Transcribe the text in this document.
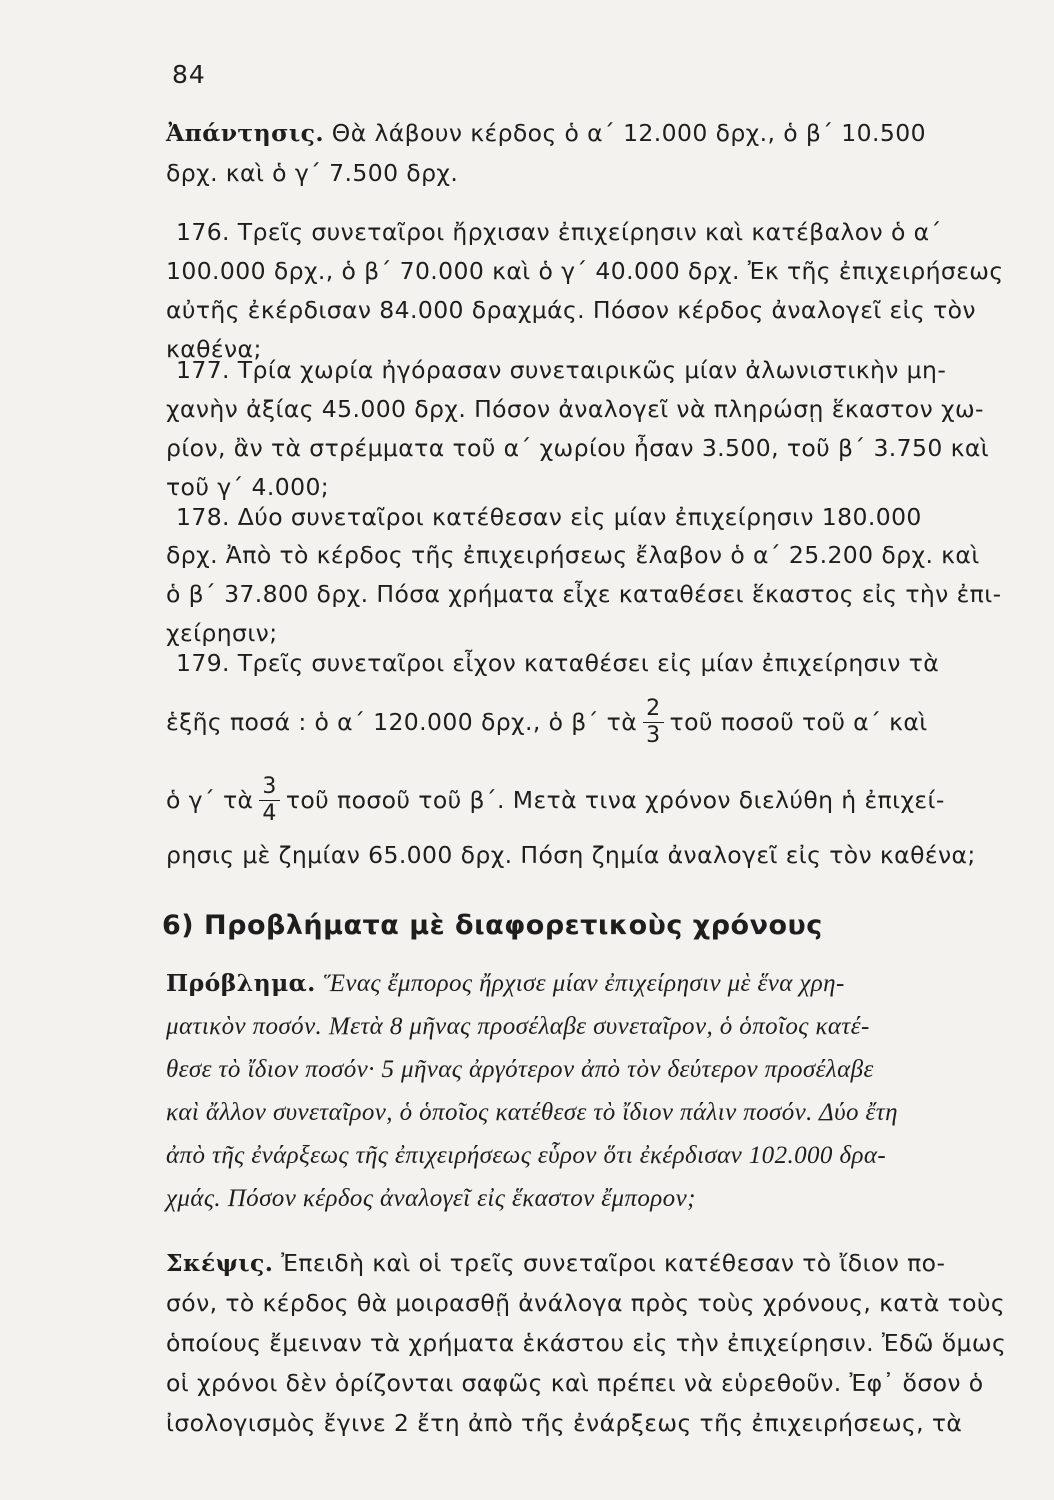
84
Ἀπάντησις. Θὰ λάβουν κέρδος ὁ α΄ 12.000 δρχ., ὁ β΄ 10.500
δρχ. καὶ ὁ γ΄ 7.500 δρχ.
176. Τρεῖς συνεταῖροι ἤρχισαν ἐπιχείρησιν καὶ κατέβαλον ὁ α΄
100.000 δρχ., ὁ β΄ 70.000 καὶ ὁ γ΄ 40.000 δρχ. Ἐκ τῆς ἐπιχειρήσεως
αὐτῆς ἐκέρδισαν 84.000 δραχμάς. Πόσον κέρδος ἀναλογεῖ εἰς τὸν
καθένα;
177. Τρία χωρία ἠγόρασαν συνεταιρικῶς μίαν ἀλωνιστικὴν μη-
χανὴν ἀξίας 45.000 δρχ. Πόσον ἀναλογεῖ νὰ πληρώσῃ ἕκαστον χω-
ρίον, ἂν τὰ στρέμματα τοῦ α΄ χωρίου ἦσαν 3.500, τοῦ β΄ 3.750 καὶ
τοῦ γ΄ 4.000;
178. Δύο συνεταῖροι κατέθεσαν εἰς μίαν ἐπιχείρησιν 180.000
δρχ. Ἀπὸ τὸ κέρδος τῆς ἐπιχειρήσεως ἔλαβον ὁ α΄ 25.200 δρχ. καὶ
ὁ β΄ 37.800 δρχ. Πόσα χρήματα εἶχε καταθέσει ἕκαστος εἰς τὴν ἐπι-
χείρησιν;
179. Τρεῖς συνεταῖροι εἶχον καταθέσει εἰς μίαν ἐπιχείρησιν τὰ
ἑξῆς ποσά : ὁ α΄ 120.000 δρχ., ὁ β΄ τὰ $\frac{2}{3}$ τοῦ ποσοῦ τοῦ α΄ καὶ
ὁ γ΄ τὰ $\frac{3}{4}$ τοῦ ποσοῦ τοῦ β΄. Μετὰ τινα χρόνον διελύθη ἡ ἐπιχεί-
ρησις μὲ ζημίαν 65.000 δρχ. Πόση ζημία ἀναλογεῖ εἰς τὸν καθένα;
6) Προβλήματα μὲ διαφορετικοὺς χρόνους
Πρόβλημα. Ἕνας ἔμπορος ἤρχισε μίαν ἐπιχείρησιν μὲ ἕνα χρη-
ματικὸν ποσόν. Μετὰ 8 μῆνας προσέλαβε συνεταῖρον, ὁ ὁποῖος κατέ-
θεσε τὸ ἴδιον ποσόν· 5 μῆνας ἀργότερον ἀπὸ τὸν δεύτερον προσέλαβε
καὶ ἄλλον συνεταῖρον, ὁ ὁποῖος κατέθεσε τὸ ἴδιον πάλιν ποσόν. Δύο ἔτη
ἀπὸ τῆς ἐνάρξεως τῆς ἐπιχειρήσεως εὗρον ὅτι ἐκέρδισαν 102.000 δρα-
χμάς. Πόσον κέρδος ἀναλογεῖ εἰς ἕκαστον ἔμπορον;
Σκέψις. Ἐπειδὴ καὶ οἱ τρεῖς συνεταῖροι κατέθεσαν τὸ ἴδιον πο-
σόν, τὸ κέρδος θὰ μοιρασθῇ ἀνάλογα πρὸς τοὺς χρόνους, κατὰ τοὺς
ὁποίους ἔμειναν τὰ χρήματα ἑκάστου εἰς τὴν ἐπιχείρησιν. Ἐδῶ ὅμως
οἱ χρόνοι δὲν ὁρίζονται σαφῶς καὶ πρέπει νὰ εὑρεθοῦν. Ἐφ᾽ ὅσον ὁ
ἰσολογισμὸς ἔγινε 2 ἔτη ἀπὸ τῆς ἐνάρξεως τῆς ἐπιχειρήσεως, τὰ
